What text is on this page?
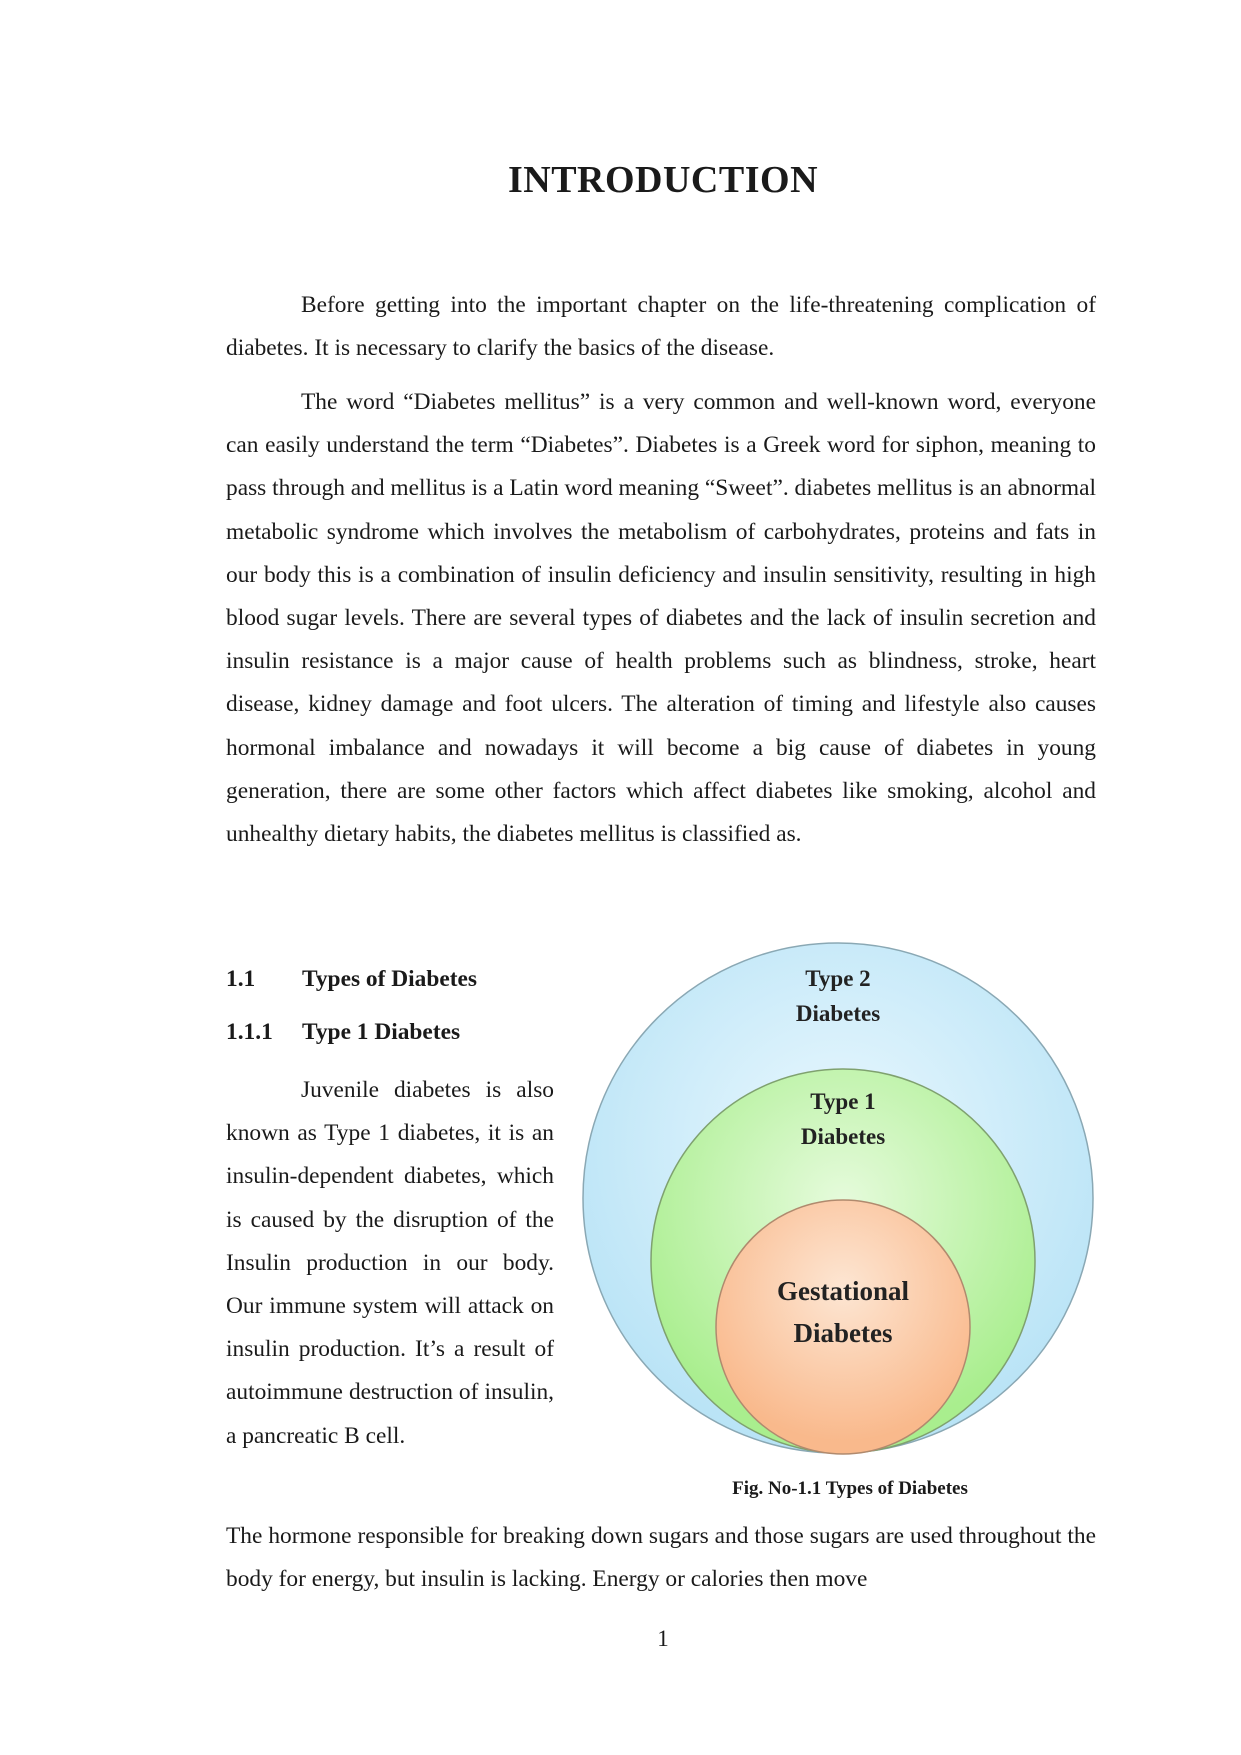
INTRODUCTION

Before getting into the important chapter on the life-threatening complication of diabetes. It is necessary to clarify the basics of the disease.

The word “Diabetes mellitus” is a very common and well-known word, everyone can easily understand the term “Diabetes”. Diabetes is a Greek word for siphon, meaning to pass through and mellitus is a Latin word meaning “Sweet”. diabetes mellitus is an abnormal metabolic syndrome which involves the metabolism of carbohydrates, proteins and fats in our body this is a combination of insulin deficiency and insulin sensitivity, resulting in high blood sugar levels. There are several types of diabetes and the lack of insulin secretion and insulin resistance is a major cause of health problems such as blindness, stroke, heart disease, kidney damage and foot ulcers. The alteration of timing and lifestyle also causes hormonal imbalance and nowadays it will become a big cause of diabetes in young generation, there are some other factors which affect diabetes like smoking, alcohol and unhealthy dietary habits, the diabetes mellitus is classified as.

1.1 Types of Diabetes
1.1.1 Type 1 Diabetes

Juvenile diabetes is also known as Type 1 diabetes, it is an insulin-dependent diabetes, which is caused by the disruption of the Insulin production in our body. Our immune system will attack on insulin production. It’s a result of autoimmune destruction of insulin, a pancreatic B cell.

Type 2
Diabetes
Type 1
Diabetes
Gestational
Diabetes

Fig. No-1.1 Types of Diabetes

The hormone responsible for breaking down sugars and those sugars are used throughout the body for energy, but insulin is lacking. Energy or calories then move

1
